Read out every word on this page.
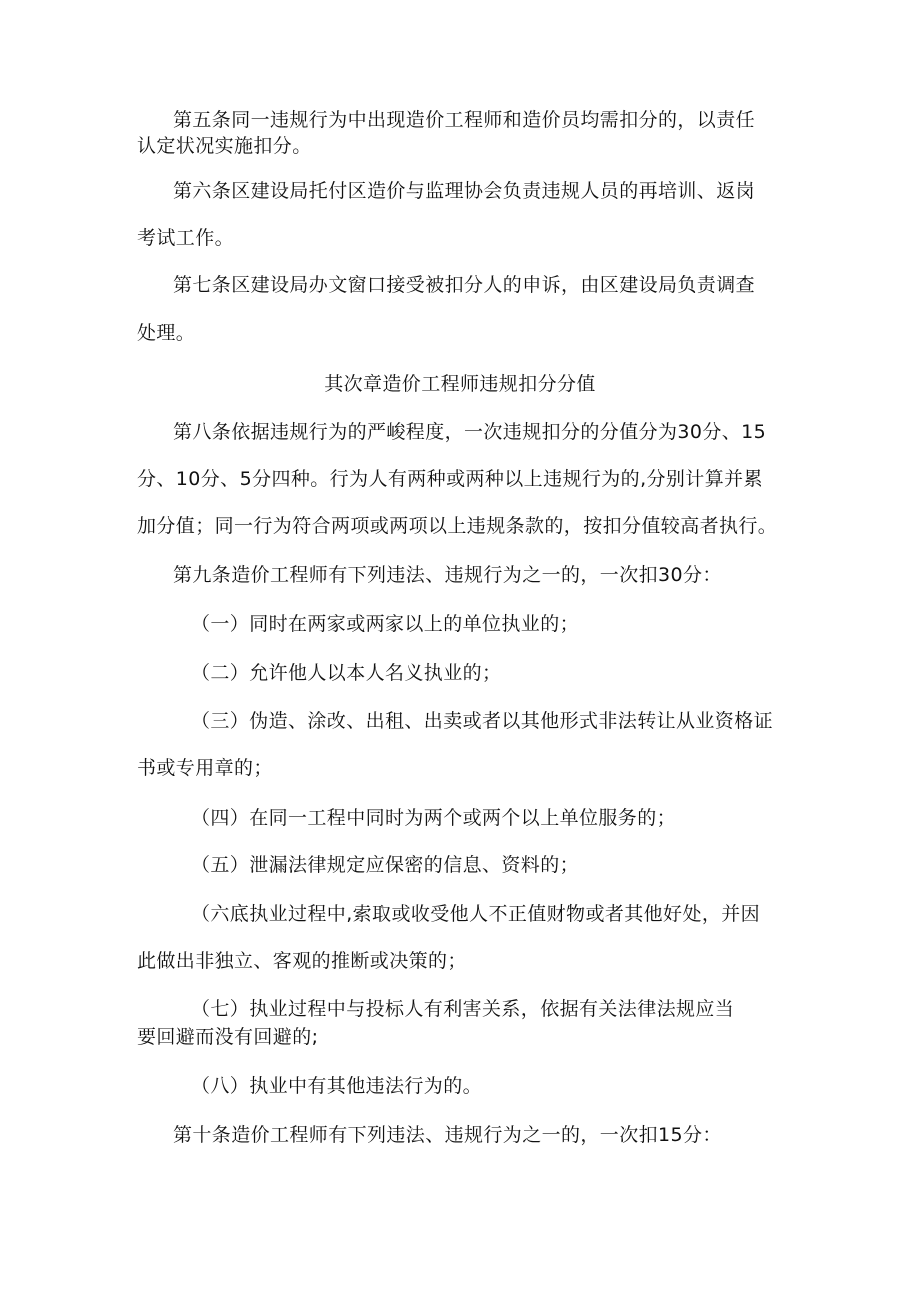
第五条同一违规行为中出现造价工程师和造价员均需扣分的，以责任
认定状况实施扣分。
第六条区建设局托付区造价与监理协会负责违规人员的再培训、返岗
考试工作。
第七条区建设局办文窗口接受被扣分人的申诉，由区建设局负责调查
处理。
其次章造价工程师违规扣分分值
第八条依据违规行为的严峻程度，一次违规扣分的分值分为30分、15
分、10分、5分四种。行为人有两种或两种以上违规行为的,分别计算并累
加分值；同一行为符合两项或两项以上违规条款的，按扣分值较高者执行。
第九条造价工程师有下列违法、违规行为之一的，一次扣30分：
（一）同时在两家或两家以上的单位执业的；
（二）允许他人以本人名义执业的；
（三）伪造、涂改、出租、出卖或者以其他形式非法转让从业资格证
书或专用章的；
（四）在同一工程中同时为两个或两个以上单位服务的；
（五）泄漏法律规定应保密的信息、资料的；
（六底执业过程中,索取或收受他人不正值财物或者其他好处，并因
此做出非独立、客观的推断或决策的；
（七）执业过程中与投标人有利害关系，依据有关法律法规应当
要回避而没有回避的;
（八）执业中有其他违法行为的。
第十条造价工程师有下列违法、违规行为之一的，一次扣15分：
